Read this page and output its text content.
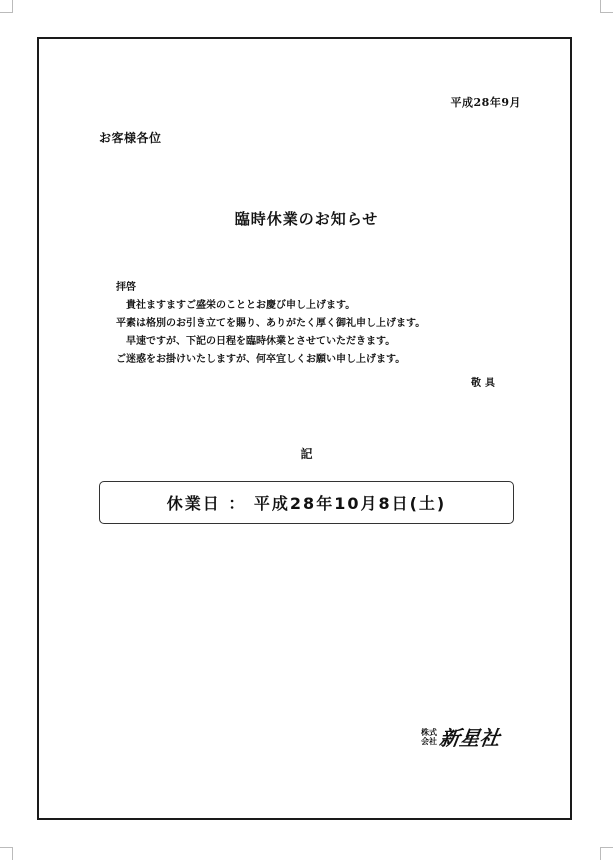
平成28年9月
お客様各位
臨時休業のお知らせ
拝啓
貴社ますますご盛栄のこととお慶び申し上げます。
平素は格別のお引き立てを賜り、ありがたく厚く御礼申し上げます。
早速ですが、下記の日程を臨時休業とさせていただきます。
ご迷惑をお掛けいたしますが、何卒宜しくお願い申し上げます。
敬具
記
休業日 ： 平成28年10月8日(土)
株式
会社 新星社
